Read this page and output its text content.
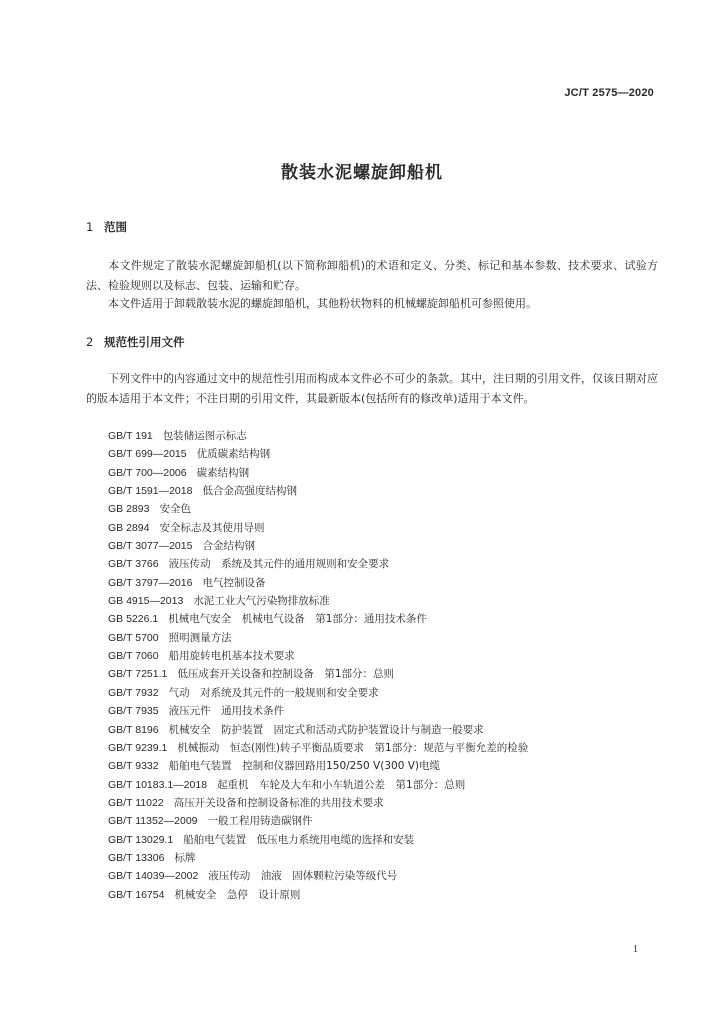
JC/T 2575—2020
散装水泥螺旋卸船机
1 范围
本文件规定了散装水泥螺旋卸船机(以下简称卸船机)的术语和定义、分类、标记和基本参数、技术要求、试验方法、检验规则以及标志、包装、运输和贮存。
本文件适用于卸载散装水泥的螺旋卸船机，其他粉状物料的机械螺旋卸船机可参照使用。
2 规范性引用文件
下列文件中的内容通过文中的规范性引用而构成本文件必不可少的条款。其中，注日期的引用文件，仅该日期对应的版本适用于本文件；不注日期的引用文件，其最新版本(包括所有的修改单)适用于本文件。
GB/T 191 包装储运图示标志
GB/T 699—2015 优质碳素结构钢
GB/T 700—2006 碳素结构钢
GB/T 1591—2018 低合金高强度结构钢
GB 2893 安全色
GB 2894 安全标志及其使用导则
GB/T 3077—2015 合金结构钢
GB/T 3766 液压传动　系统及其元件的通用规则和安全要求
GB/T 3797—2016 电气控制设备
GB 4915—2013 水泥工业大气污染物排放标准
GB 5226.1 机械电气安全　机械电气设备　第1部分：通用技术条件
GB/T 5700 照明测量方法
GB/T 7060 船用旋转电机基本技术要求
GB/T 7251.1 低压成套开关设备和控制设备　第1部分：总则
GB/T 7932 气动　对系统及其元件的一般规则和安全要求
GB/T 7935 液压元件　通用技术条件
GB/T 8196 机械安全　防护装置　固定式和活动式防护装置设计与制造一般要求
GB/T 9239.1 机械振动　恒态(刚性)转子平衡品质要求　第1部分：规范与平衡允差的检验
GB/T 9332 船舶电气装置　控制和仪器回路用150/250 V(300 V)电缆
GB/T 10183.1—2018 起重机　车轮及大车和小车轨道公差　第1部分：总则
GB/T 11022 高压开关设备和控制设备标准的共用技术要求
GB/T 11352—2009 一般工程用铸造碳钢件
GB/T 13029.1 船舶电气装置　低压电力系统用电缆的选择和安装
GB/T 13306 标牌
GB/T 14039—2002 液压传动　油液　固体颗粒污染等级代号
GB/T 16754 机械安全　急停　设计原则
1
